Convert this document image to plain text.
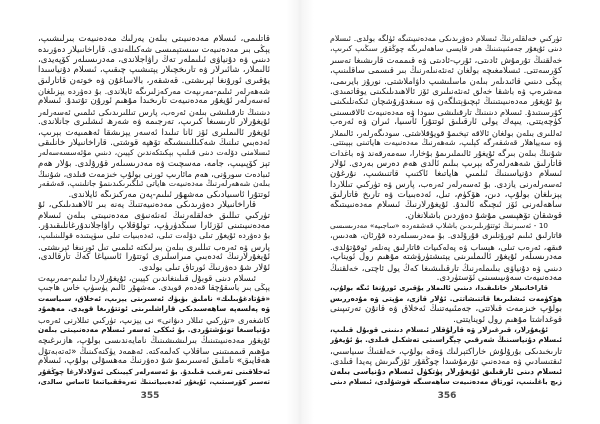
قاتلىمى، ئىسلام مەدەنىيىتى بىلەن يەرلىك مەدەنىيەت بىرلىشىپ،
يېڭى بىر مەدەنىيەت سىستېمىسى شەكىللەندى. قاراخانىيلار دەۋرىدە
دىنىي ۋە دۇنياۋى ئىلىملەر تەڭ راۋاجلاندى، مەدرىسىلەر كۆپەيدى،
ئالىملار، شائىرلار ۋە تارىخچىلار يېتىشىپ چىقىپ، ئىسلام دۇنياسىدا
يۇقىرى ئورۇنغا ئېرىشتى. قەشقەر، بالاساغۇن ۋە خوتەن قاتارلىق
شەھەرلەر ئىلىم-مەرىپەت مەركەزلىرىگە ئايلاندى. بۇ دەۋردە يېزىلغان
ئەسەرلەر ئۇيغۇر مەدەنىيەت تارىخىدا مۇھىم ئورۇن تۇتىدۇ. ئىسلام
دىنىنىڭ تارقىلىشى بىلەن ئەرەب، پارس تىللىرىدىكى ئىلمىي ئەسەرلەر
ئۇيغۇرلار ئارىسىغا كىرىپ، تەرجىمە ۋە شەرھ ئىشلىرى جانلاندى.
ئۇيغۇر ئالىملىرى ئۆز ئانا تىلىدا ئەسەر يېزىشقا ئەھمىيەت بېرىپ،
ئەدەبىي تىلنىڭ شەكىللىنىشىگە تۆھپە قوشتى. قاراخانىيلار خانلىقى
ئىسلامنى دۆلەت دىنى قىلىپ بېكىتكەندىن كېيىن، دىنىي مۇئەسسەسەلەر
تېز كۆپىيىپ، جامە، مەسچىت ۋە مەدرىسىلەر قۇرۇلدى. بۇلار ھەم
ئىبادەت سورۇنى، ھەم مائارىپ ئورنى بولۇپ خىزمەت قىلدى، شۇنىڭ
بىلەن شەھەرلەرنىڭ مەدەنىيەت ھاياتى ئىلگىرىكىدىنمۇ جانلىنىپ، قەشقەر
ئوتتۇرا ئاسىيادىكى مەشھۇر ئىلىم-پەن مەركىزىگە ئايلاندى.
قاراخانىيلار دەۋرىدىكى مەدەنىيەتنىڭ يەنە بىر ئالاھىدىلىكى، ئۇ
تۈركىي تىللىق خەلقلەرنىڭ ئەنئەنىۋى مەدەنىيىتى بىلەن ئىسلام
مەدەنىيىتىنى ئۆزئارا سىڭدۈرۈپ، تولۇقلاپ راۋاجلاندۇرغانلىقىدۇر.
بۇ دەۋردە ئۇيغۇر تىلى دۆلەت تىلى، ئەدەبىيات تىلى سۈپىتىدە قوللىنىلىپ،
پارس ۋە ئەرەب تىللىرى بىلەن بىرلىكتە ئىلمىي تىل ئورنىغا ئېرىشتى.
ئۇيغۇرلارنىڭ ئەدەبىي مىراسلىرى ئوتتۇرا ئاسىياغا كەڭ تارقالدى،
ئۇلار شۇ دەۋرنىڭ ئورتاق تىلى بولدى.
ئىسلام دىنى قوبۇل قىلىنغاندىن كېيىن، ئۇيغۇرلاردا ئىلىم-مەرىپەت
يېڭى بىر باسقۇچقا قەدەم قويدى. مەشھۇر ئالىم يۈسۈپ خاس ھاجىپ
«قۇتادغۇبىلىك» ناملىق بۈيۈك ئەسىرىنى يېزىپ، ئەخلاق، سىياسەت
ۋە پەلسەپە ساھەسىدىكى قاراشلىرىنى ئوتتۇرىغا قويدى. مەھمۇد
كاشغەرى «تۈركىي تىللار دىۋانى» نى يېزىپ، تۈركىي تىللارنى ئەرەب
دۇنياسىغا تونۇشتۇردى. بۇ ئىككى ئەسەر ئىسلام مەدەنىيىتى بىلەن
ئۇيغۇر مەدەنىيىتىنىڭ بىرلىشىشىنىڭ نامايەندىسى بولۇپ، ھازىرغىچە
مۇھىم قىممىتىنى ساقلاپ كەلمەكتە. ئەھمەد يۈكنەكىنىڭ «ئەتەبەتۇل
ھەقايىق» ناملىق ئەسىرىمۇ شۇ دەۋرنىڭ مەھسۇلى بولۇپ، ئىسلام
ئەخلاقىنى تەرغىب قىلىدۇ. بۇ ئەسەرلەر كېيىنكى ئەۋلادلارغا چوڭقۇر
تەسىر كۆرسىتىپ، ئۇيغۇر ئەدەبىياتىنىڭ تەرەققىياتىغا ئاساس سالدى،
355
تۈركىي خەلقلەرنىڭ ئىسلام دەۋرىدىكى مەدەنىيىتىگە ئۈلگە بولدى. ئىسلام
دىنى ئۇيغۇر جەمئىيىتىنىڭ ھەر قايسى ساھەلىرىگە چوڭقۇر سىڭىپ كىرىپ،
خەلقنىڭ تۇرمۇش ئادىتى، ئۆرپ-ئادىتى ۋە قىممەت قارىشىغا تەسىر
كۆرسەتتى. ئىسلامغىچە بولغان ئەنئەنىلەرنىڭ بىر قىسمى ساقلىنىپ،
يېڭى دىنىي قائىدىلەر بىلەن ماسلىشىپ داۋاملاشتى. نورۇز بايرىمى،
مەشرەپ ۋە باشقا خەلق ئەنئەنىلىرى ئۆز ئالاھىدىلىكىنى يوقاتمىدى.
بۇ ئۇيغۇر مەدەنىيىتىنىڭ ئېچىۋېتىلگەن ۋە سىغدۇرۇشچان ئىكەنلىكىنى
كۆرسىتىدۇ. ئىسلام دىنىنىڭ تارقىلىشى سودا ۋە مەدەنىيەت ئالاقىسىنى
كۈچەيتتى. يىپەك يولى ئارقىلىق ئوتتۇرا ئاسىيا، ئىران ۋە ئەرەب
ئەللىرى بىلەن بولغان ئالاقە تېخىمۇ قويۇقلاشتى. سودىگەرلەر، ئالىملار
ۋە سەيياھلار قەشقەرگە كېلىپ، شەھەرنىڭ مەدەنىيەت ھاياتىنى بېيىتتى.
شۇنىڭ بىلەن بىرگە ئۇيغۇر ئالىملىرىمۇ بۇخارا، سەمەرقەند ۋە باغدات
قاتارلىق شەھەرلەرگە بېرىپ بىلىم ئالدى ھەم دەرس بەردى. ئۇلار
ئىسلام دۇنياسىنىڭ ئىلمىي ھاياتىغا ئاكتىپ قاتنىشىپ، نۇرغۇن
ئەسەرلەرنى يازدى. بۇ ئەسەرلەر ئەرەب، پارس ۋە تۈركىي تىللاردا
يېزىلغان بولۇپ، دىن، ھۆكۈم، تىل، ئەدەبىيات ۋە تارىخ قاتارلىق
ساھەلەرنى ئۆز ئىچىگە ئالىدۇ. ئۇيغۇرلارنىڭ ئىسلام مەدەنىيىتىگە
قوشقان تۆھپىسى مۇشۇ دەۋردىن باشلانغان.
10 - ئەسىرنىڭ ئوتتۇرىلىرىدىن باشلاپ قەشقەردە «ساجىيە» مەدرىسىسى
قاتارلىق ئىلىم ئورۇنلىرى قۇرۇلدى. بۇ مەدرىسىلەردە قۇرئان، ھەدىس،
فىقھ، ئەرەب تىلى، ھېساب ۋە پەلەكىيات قاتارلىق پەنلەر ئوقۇتۇلدى.
مەدرىسىلەر ئۇيغۇر ئالىملىرىنى يېتىشتۈرۈشتە مۇھىم رول ئويناپ،
دىنىي ۋە دۇنياۋى بىلىملەرنىڭ تارقىلىشىغا كەڭ يول ئاچتى، خەلقنىڭ
مەدەنىيەت سەۋىيىسىنى ئۆستۈردى.
قاراخانىيلار خانلىقىدا، دىنىي ئالىملار يۇقىرى ئورۇنغا ئىگە بولۇپ،
ھۆكۈمەت ئىشلىرىغا قاتنىشاتتى. ئۇلار قازى، مۇپتى ۋە مۇدەررىس
بولۇپ خىزمەت قىلاتتى، جەمئىيەتنىڭ ئەخلاق ۋە قانۇن تەرتىپىنى
قوغداشتا مۇھىم رول ئوينايتتى.
ئۇيغۇرلار، قىرغىزلار ۋە قارلۇقلار ئىسلام دىنىنى قوبۇل قىلىپ،
ئىسلام دۇنياسىنىڭ شەرقىي چېگراسىنى تەشكىل قىلدى. بۇ ئۇيغۇر
تارىخىدىكى بۇرۇلۇش خاراكتېرلىك ۋەقە بولۇپ، خەلقنىڭ سىياسىي،
ئىقتىسادىي ۋە مەدەنىي تۇرمۇشىدا چوڭقۇر ئۆزگىرىش پەيدا قىلدى.
ئىسلام دىنى ئارقىلىق ئۇيغۇرلار پۈتكۈل ئىسلام دۇنياسى بىلەن
زىچ باغلىنىپ، ئورتاق مەدەنىيەت ساھەسىگە قوشۇلدى، ئىسلام دىنى
356
